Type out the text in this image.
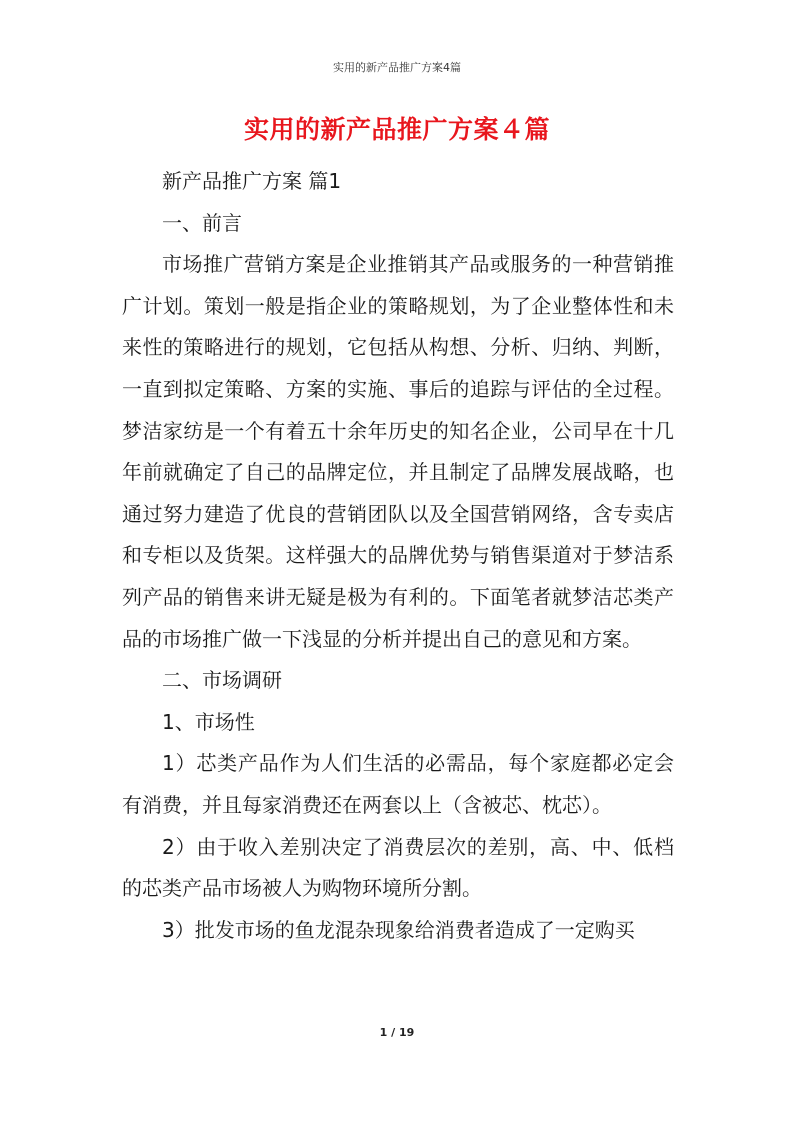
实用的新产品推广方案4篇
实用的新产品推广方案４篇

新产品推广方案 篇1

一、前言

市场推广营销方案是企业推销其产品或服务的一种营销推广计划。策划一般是指企业的策略规划，为了企业整体性和未来性的策略进行的规划，它包括从构想、分析、归纳、判断，一直到拟定策略、方案的实施、事后的追踪与评估的全过程。梦洁家纺是一个有着五十余年历史的知名企业，公司早在十几年前就确定了自己的品牌定位，并且制定了品牌发展战略，也通过努力建造了优良的营销团队以及全国营销网络，含专卖店和专柜以及货架。这样强大的品牌优势与销售渠道对于梦洁系列产品的销售来讲无疑是极为有利的。下面笔者就梦洁芯类产品的市场推广做一下浅显的分析并提出自己的意见和方案。

二、市场调研

1、市场性

1）芯类产品作为人们生活的必需品，每个家庭都必定会有消费，并且每家消费还在两套以上（含被芯、枕芯）。

2）由于收入差别决定了消费层次的差别，高、中、低档的芯类产品市场被人为购物环境所分割。

3）批发市场的鱼龙混杂现象给消费者造成了一定购买

1 / 19
